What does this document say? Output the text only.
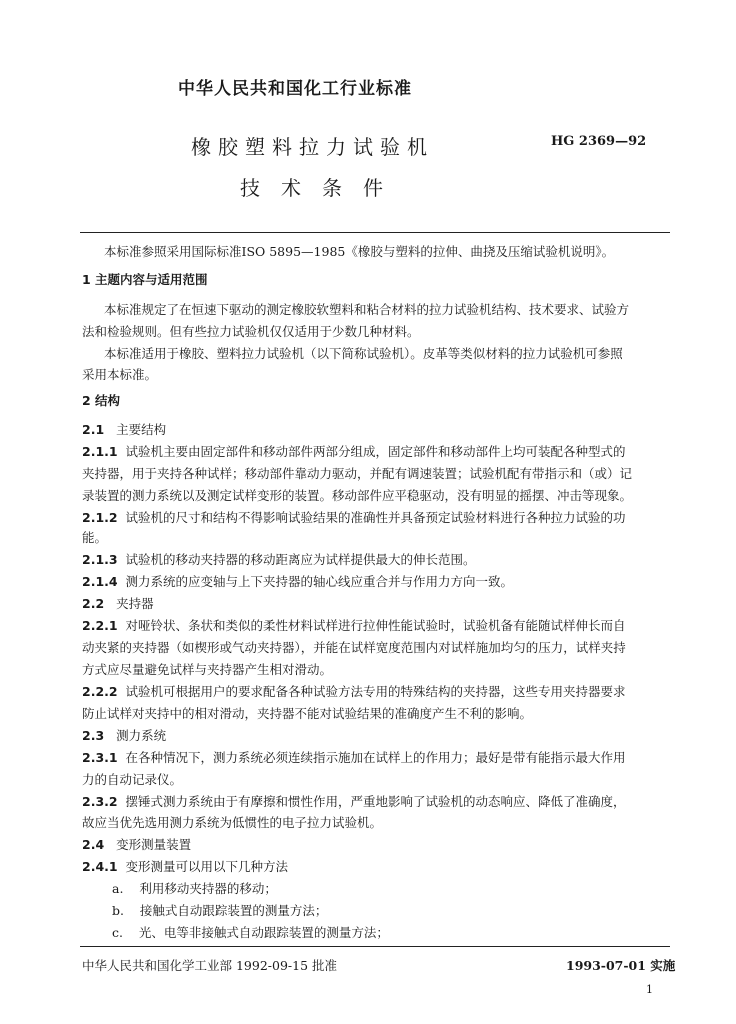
中华人民共和国化工行业标准
橡胶塑料拉力试验机
技术条件
HG 2369—92
本标准参照采用国际标准ISO 5895—1985《橡胶与塑料的拉伸、曲挠及压缩试验机说明》。
1 主题内容与适用范围
本标准规定了在恒速下驱动的测定橡胶软塑料和粘合材料的拉力试验机结构、技术要求、试验方
法和检验规则。但有些拉力试验机仅仅适用于少数几种材料。
本标准适用于橡胶、塑料拉力试验机（以下简称试验机）。皮革等类似材料的拉力试验机可参照
采用本标准。
2 结构
2.1 主要结构
2.1.1 试验机主要由固定部件和移动部件两部分组成，固定部件和移动部件上均可装配各种型式的
夹持器，用于夹持各种试样；移动部件靠动力驱动，并配有调速装置；试验机配有带指示和（或）记
录装置的测力系统以及测定试样变形的装置。移动部件应平稳驱动，没有明显的摇摆、冲击等现象。
2.1.2 试验机的尺寸和结构不得影响试验结果的准确性并具备预定试验材料进行各种拉力试验的功
能。
2.1.3 试验机的移动夹持器的移动距离应为试样提供最大的伸长范围。
2.1.4 测力系统的应变轴与上下夹持器的轴心线应重合并与作用力方向一致。
2.2 夹持器
2.2.1 对哑铃状、条状和类似的柔性材料试样进行拉伸性能试验时，试验机备有能随试样伸长而自
动夹紧的夹持器（如楔形或气动夹持器），并能在试样宽度范围内对试样施加均匀的压力，试样夹持
方式应尽量避免试样与夹持器产生相对滑动。
2.2.2 试验机可根据用户的要求配备各种试验方法专用的特殊结构的夹持器，这些专用夹持器要求
防止试样对夹持中的相对滑动，夹持器不能对试验结果的准确度产生不利的影响。
2.3 测力系统
2.3.1 在各种情况下，测力系统必须连续指示施加在试样上的作用力；最好是带有能指示最大作用
力的自动记录仪。
2.3.2 摆锤式测力系统由于有摩擦和惯性作用，严重地影响了试验机的动态响应、降低了准确度，
故应当优先选用测力系统为低惯性的电子拉力试验机。
2.4 变形测量装置
2.4.1 变形测量可以用以下几种方法
a. 利用移动夹持器的移动；
b. 接触式自动跟踪装置的测量方法；
c. 光、电等非接触式自动跟踪装置的测量方法；
中华人民共和国化学工业部 1992-09-15 批准	1993-07-01 实施
1
